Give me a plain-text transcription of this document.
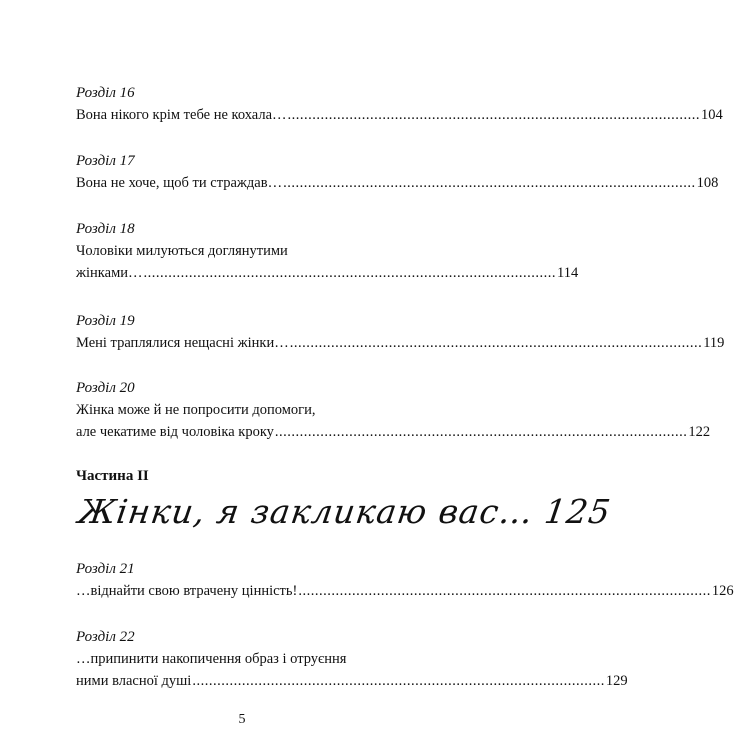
Розділ 16
Вона нікого крім тебе не кохала… .................................................................................................... 104
Розділ 17
Вона не хоче, щоб ти страждав… .................................................................................................... 108
Розділ 18
Чоловіки милуються доглянутими
жінками… .................................................................................................... 114
Розділ 19
Мені траплялися нещасні жінки… .................................................................................................... 119
Розділ 20
Жінка може й не попросити допомоги,
але чекатиме від чоловіка кроку .................................................................................................... 122
Частина II
Жінки, я закликаю вас… 125
Розділ 21
…віднайти свою втрачену цінність! .................................................................................................... 126
Розділ 22
…припинити накопичення образ і отруєння
ними власної душі .................................................................................................... 129
5
